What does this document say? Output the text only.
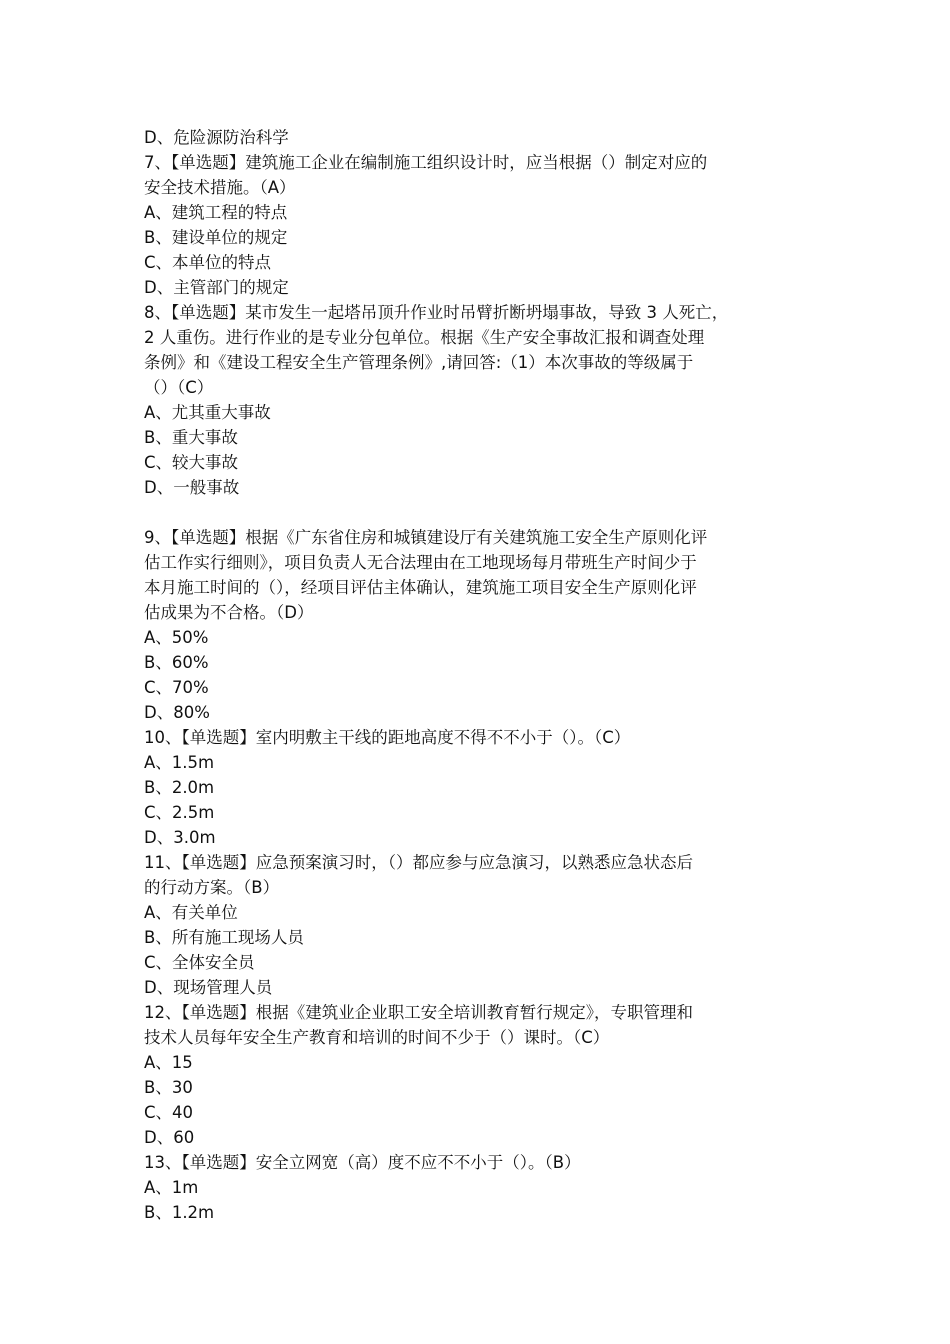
D、危险源防治科学
7、【单选题】建筑施工企业在编制施工组织设计时，应当根据（）制定对应的
安全技术措施。（A）
A、建筑工程的特点
B、建设单位的规定
C、本单位的特点
D、主管部门的规定
8、【单选题】某市发生一起塔吊顶升作业时吊臂折断坍塌事故，导致 3 人死亡，
2 人重伤。进行作业的是专业分包单位。根据《生产安全事故汇报和调查处理
条例》和《建设工程安全生产管理条例》,请回答:（1）本次事故的等级属于
（）（C）
A、尤其重大事故
B、重大事故
C、较大事故
D、一般事故
9、【单选题】根据《广东省住房和城镇建设厅有关建筑施工安全生产原则化评
估工作实行细则》，项目负责人无合法理由在工地现场每月带班生产时间少于
本月施工时间的（），经项目评估主体确认，建筑施工项目安全生产原则化评
估成果为不合格。（D）
A、50%
B、60%
C、70%
D、80%
10、【单选题】室内明敷主干线的距地高度不得不不小于（）。（C）
A、1.5m
B、2.0m
C、2.5m
D、3.0m
11、【单选题】应急预案演习时，（）都应参与应急演习，以熟悉应急状态后
的行动方案。（B）
A、有关单位
B、所有施工现场人员
C、全体安全员
D、现场管理人员
12、【单选题】根据《建筑业企业职工安全培训教育暂行规定》，专职管理和
技术人员每年安全生产教育和培训的时间不少于（）课时。（C）
A、15
B、30
C、40
D、60
13、【单选题】安全立网宽（高）度不应不不小于（）。（B）
A、1m
B、1.2m
